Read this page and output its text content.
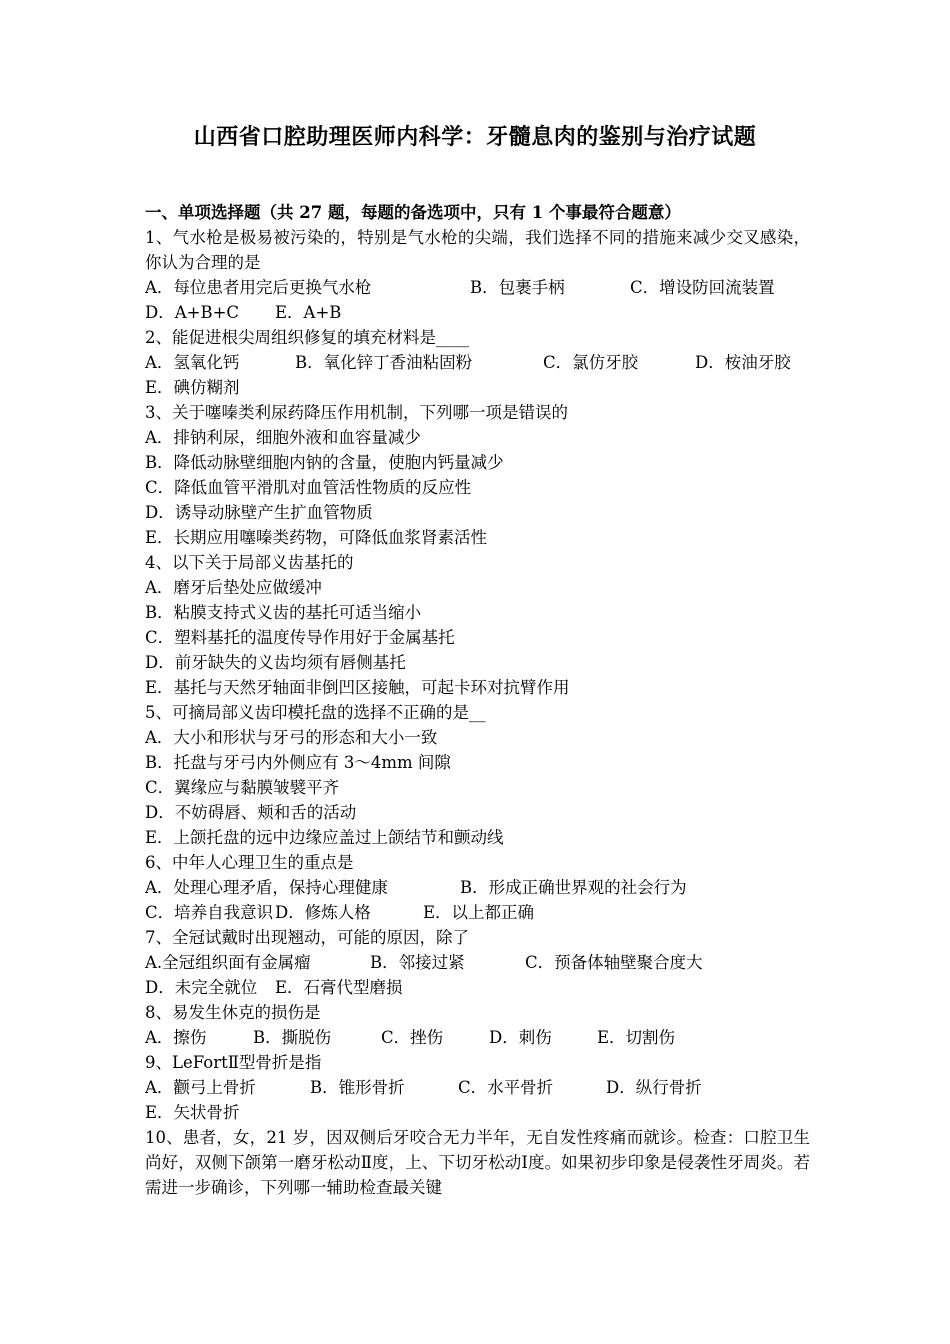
山西省口腔助理医师内科学：牙髓息肉的鉴别与治疗试题
一、单项选择题（共 27 题，每题的备选项中，只有 1 个事最符合题意）
1、气水枪是极易被污染的，特别是气水枪的尖端，我们选择不同的措施来减少交叉感染，你认为合理的是
A．每位患者用完后更换气水枪	B．包裹手柄	C．增设防回流装置
D．A+B+C E．A+B
2、能促进根尖周组织修复的填充材料是____
A．氢氧化钙	B．氧化锌丁香油粘固粉	C．氯仿牙胶	D．桉油牙胶
E．碘仿糊剂
3、关于噻嗪类利尿药降压作用机制，下列哪一项是错误的
A．排钠利尿，细胞外液和血容量减少
B．降低动脉壁细胞内钠的含量，使胞内钙量减少
C．降低血管平滑肌对血管活性物质的反应性
D．诱导动脉壁产生扩血管物质
E．长期应用噻嗪类药物，可降低血浆肾素活性
4、以下关于局部义齿基托的
A．磨牙后垫处应做缓冲
B．粘膜支持式义齿的基托可适当缩小
C．塑料基托的温度传导作用好于金属基托
D．前牙缺失的义齿均须有唇侧基托
E．基托与天然牙轴面非倒凹区接触，可起卡环对抗臂作用
5、可摘局部义齿印模托盘的选择不正确的是__
A．大小和形状与牙弓的形态和大小一致
B．托盘与牙弓内外侧应有 3～4mm 间隙
C．翼缘应与黏膜皱襞平齐
D．不妨碍唇、颊和舌的活动
E．上颌托盘的远中边缘应盖过上颌结节和颤动线
6、中年人心理卫生的重点是
A．处理心理矛盾，保持心理健康	B．形成正确世界观的社会行为
C．培养自我意识 D．修炼人格	E．以上都正确
7、全冠试戴时出现翘动，可能的原因，除了
A.全冠组织面有金属瘤	B．邻接过紧	C．预备体轴壁聚合度大
D．未完全就位 E．石膏代型磨损
8、易发生休克的损伤是
A．擦伤	B．撕脱伤	C．挫伤	D．刺伤	E．切割伤
9、LeFortⅡ型骨折是指
A．颧弓上骨折	B．锥形骨折	C．水平骨折	D．纵行骨折
E．矢状骨折
10、患者，女，21 岁，因双侧后牙咬合无力半年，无自发性疼痛而就诊。检查：口腔卫生尚好，双侧下颌第一磨牙松动Ⅱ度，上、下切牙松动Ⅰ度。如果初步印象是侵袭性牙周炎。若需进一步确诊，下列哪一辅助检查最关键
